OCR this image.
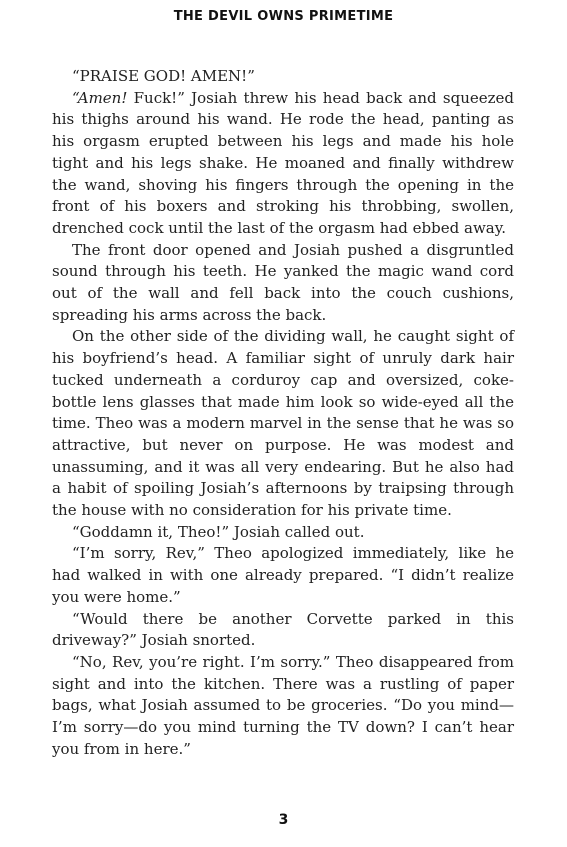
THE DEVIL OWNS PRIMETIME

“PRAISE GOD! AMEN!”

“Amen! Fuck!” Josiah threw his head back and squeezed his thighs around his wand. He rode the head, panting as his orgasm erupted between his legs and made his hole tight and his legs shake. He moaned and finally withdrew the wand, shoving his fingers through the opening in the front of his boxers and stroking his throbbing, swollen, drenched cock until the last of the orgasm had ebbed away.

The front door opened and Josiah pushed a disgruntled sound through his teeth. He yanked the magic wand cord out of the wall and fell back into the couch cushions, spreading his arms across the back.

On the other side of the dividing wall, he caught sight of his boyfriend’s head. A familiar sight of unruly dark hair tucked underneath a corduroy cap and oversized, coke-bottle lens glasses that made him look so wide-eyed all the time. Theo was a modern marvel in the sense that he was so attractive, but never on purpose. He was modest and unassuming, and it was all very endearing. But he also had a habit of spoiling Josiah’s afternoons by traipsing through the house with no consideration for his private time.

“Goddamn it, Theo!” Josiah called out.

“I’m sorry, Rev,” Theo apologized immediately, like he had walked in with one already prepared. “I didn’t realize you were home.”

“Would there be another Corvette parked in this driveway?” Josiah snorted.

“No, Rev, you’re right. I’m sorry.” Theo disappeared from sight and into the kitchen. There was a rustling of paper bags, what Josiah assumed to be groceries. “Do you mind— I’m sorry—do you mind turning the TV down? I can’t hear you from in here.”

3
